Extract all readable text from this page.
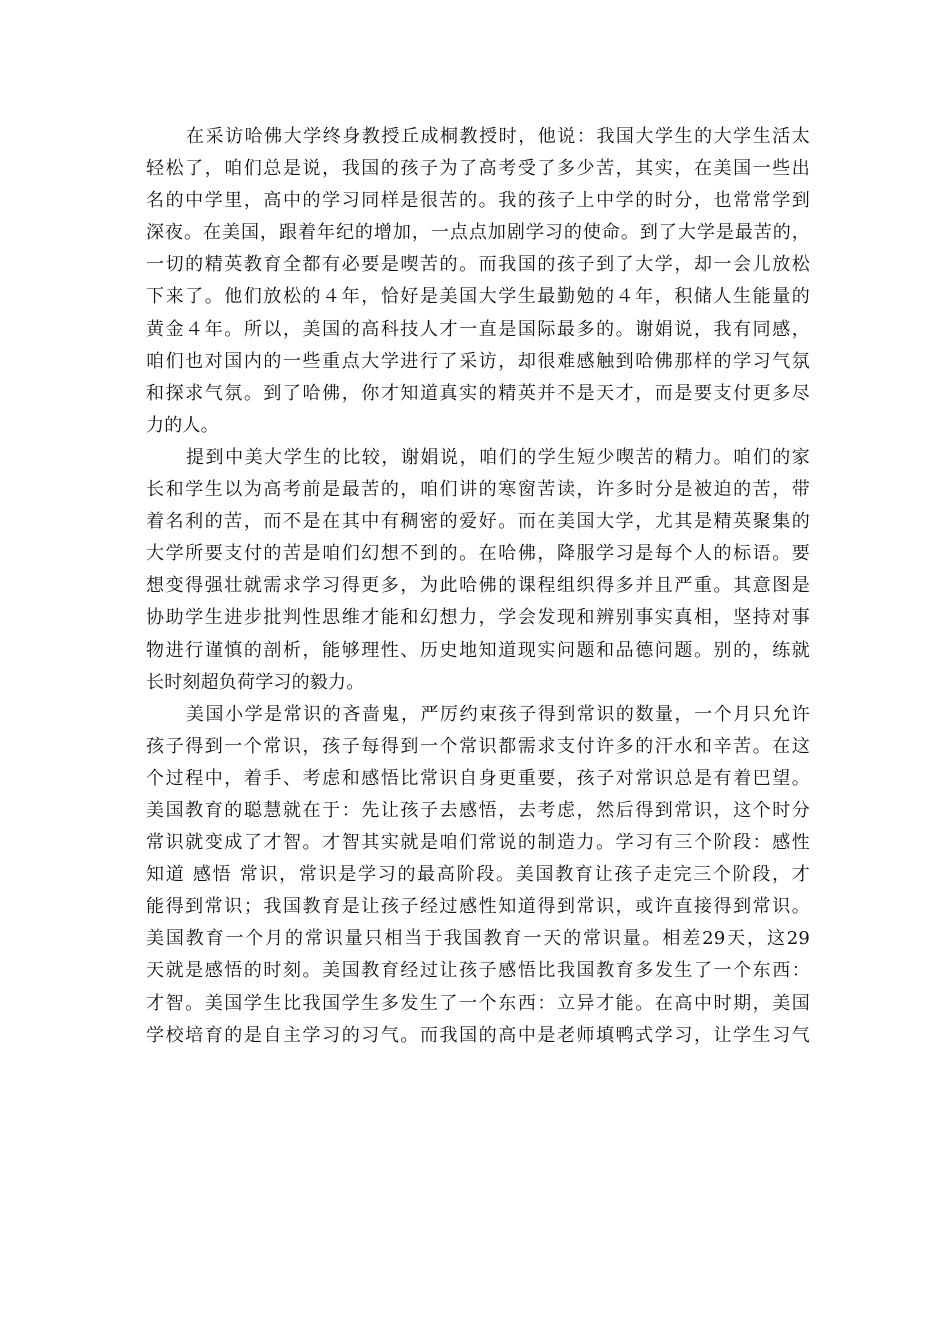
在采访哈佛大学终身教授丘成桐教授时，他说：我国大学生的大学生活太
轻松了，咱们总是说，我国的孩子为了高考受了多少苦，其实，在美国一些出
名的中学里，高中的学习同样是很苦的。我的孩子上中学的时分，也常常学到
深夜。在美国，跟着年纪的增加，一点点加剧学习的使命。到了大学是最苦的，
一切的精英教育全都有必要是喫苦的。而我国的孩子到了大学，却一会儿放松
下来了。他们放松的４年，恰好是美国大学生最勤勉的４年，积储人生能量的
黄金４年。所以，美国的高科技人才一直是国际最多的。谢娟说，我有同感，
咱们也对国内的一些重点大学进行了采访，却很难感触到哈佛那样的学习气氛
和探求气氛。到了哈佛，你才知道真实的精英并不是天才，而是要支付更多尽
力的人。
提到中美大学生的比较，谢娟说，咱们的学生短少喫苦的精力。咱们的家
长和学生以为高考前是最苦的，咱们讲的寒窗苦读，许多时分是被迫的苦，带
着名利的苦，而不是在其中有稠密的爱好。而在美国大学，尤其是精英聚集的
大学所要支付的苦是咱们幻想不到的。在哈佛，降服学习是每个人的标语。要
想变得强壮就需求学习得更多，为此哈佛的课程组织得多并且严重。其意图是
协助学生进步批判性思维才能和幻想力，学会发现和辨别事实真相，坚持对事
物进行谨慎的剖析，能够理性、历史地知道现实问题和品德问题。别的，练就
长时刻超负荷学习的毅力。
美国小学是常识的吝啬鬼，严厉约束孩子得到常识的数量，一个月只允许
孩子得到一个常识，孩子每得到一个常识都需求支付许多的汗水和辛苦。在这
个过程中，着手、考虑和感悟比常识自身更重要，孩子对常识总是有着巴望。
美国教育的聪慧就在于：先让孩子去感悟，去考虑，然后得到常识，这个时分
常识就变成了才智。才智其实就是咱们常说的制造力。学习有三个阶段：感性
知道 感悟 常识，常识是学习的最高阶段。美国教育让孩子走完三个阶段，才
能得到常识；我国教育是让孩子经过感性知道得到常识，或许直接得到常识。
美国教育一个月的常识量只相当于我国教育一天的常识量。相差29天，这29
天就是感悟的时刻。美国教育经过让孩子感悟比我国教育多发生了一个东西：
才智。美国学生比我国学生多发生了一个东西：立异才能。在高中时期，美国
学校培育的是自主学习的习气。而我国的高中是老师填鸭式学习，让学生习气
